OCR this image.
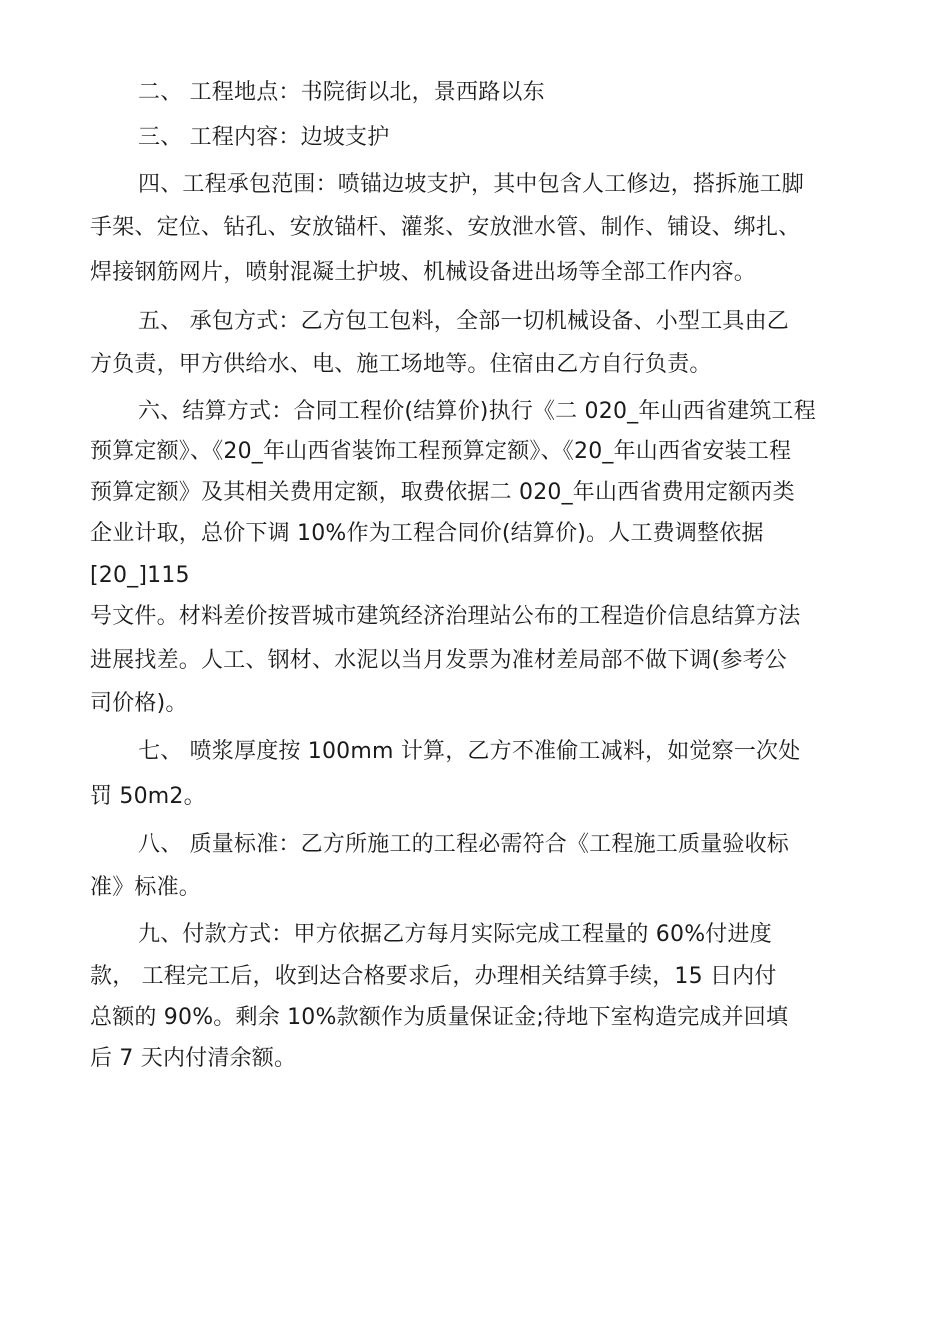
二、 工程地点：书院街以北，景西路以东
三、 工程内容：边坡支护
四、工程承包范围：喷锚边坡支护，其中包含人工修边，搭拆施工脚
手架、定位、钻孔、安放锚杆、灌浆、安放泄水管、制作、铺设、绑扎、
焊接钢筋网片，喷射混凝土护坡、机械设备进出场等全部工作内容。
五、 承包方式：乙方包工包料，全部一切机械设备、小型工具由乙
方负责，甲方供给水、电、施工场地等。住宿由乙方自行负责。
六、结算方式：合同工程价(结算价)执行《二 020_年山西省建筑工程
预算定额》、《20_年山西省装饰工程预算定额》、《20_年山西省安装工程
预算定额》及其相关费用定额，取费依据二 020_年山西省费用定额丙类
企业计取，总价下调 10%作为工程合同价(结算价)。人工费调整依据
[20_]115
号文件。材料差价按晋城市建筑经济治理站公布的工程造价信息结算方法
进展找差。人工、钢材、水泥以当月发票为准材差局部不做下调(参考公
司价格)。
七、 喷浆厚度按 100mm 计算，乙方不准偷工减料，如觉察一次处
罚 50m2。
八、 质量标准：乙方所施工的工程必需符合《工程施工质量验收标
准》标准。
九、付款方式：甲方依据乙方每月实际完成工程量的 60%付进度
款， 工程完工后，收到达合格要求后，办理相关结算手续，15 日内付
总额的 90%。剩余 10%款额作为质量保证金;待地下室构造完成并回填
后 7 天内付清余额。
